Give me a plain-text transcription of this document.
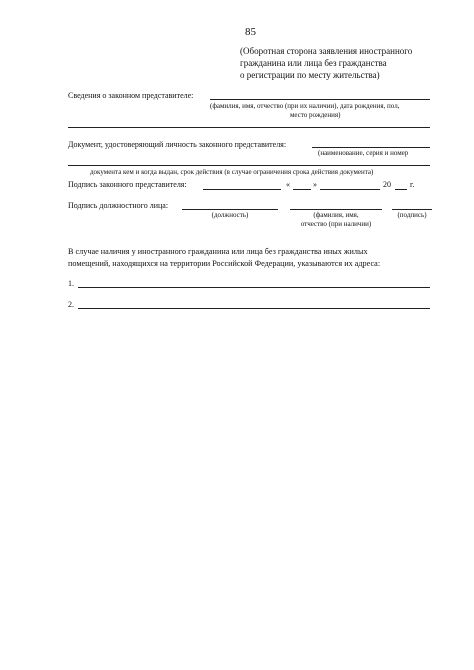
85
(Оборотная сторона заявления иностранного
гражданина или лица без гражданства
о регистрации по месту жительства)
Сведения о законном представителе:
(фамилия, имя, отчество (при их наличии), дата рождения, пол,
место рождения)
Документ, удостоверяющий личность законного представителя:
(наименование, серия и номер
документа кем и когда выдан, срок действия (в случае ограничения срока действия документа)
Подпись законного представителя:	«	»	20 г.
Подпись должностного лица:
(должность)	(фамилия, имя,
отчество (при наличии)
(подпись)
В случае наличия у иностранного гражданина или лица без гражданства иных жилых
помещений, находящихся на территории Российской Федерации, указываются их адреса:
1.
2.
